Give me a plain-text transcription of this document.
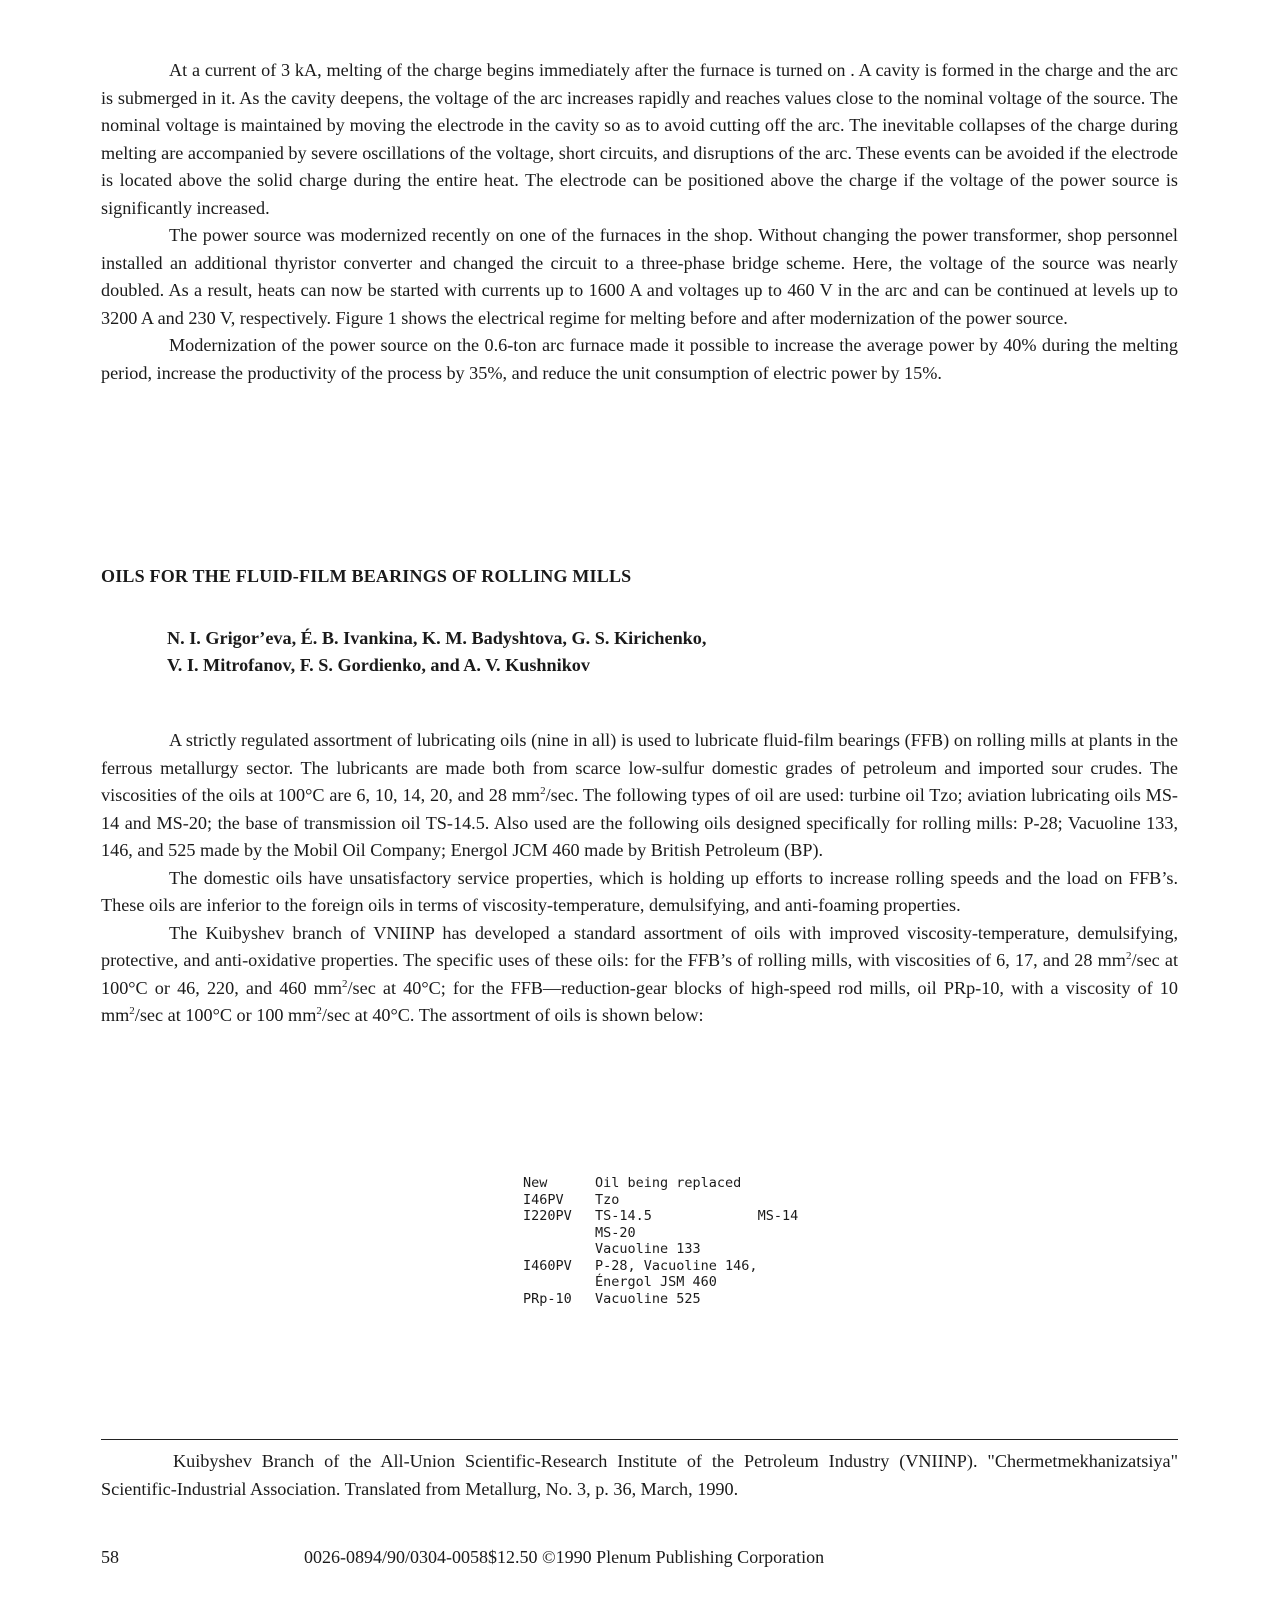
At a current of 3 kA, melting of the charge begins immediately after the furnace is turned on . A cavity is formed in the charge and the arc is submerged in it. As the cavity deepens, the voltage of the arc increases rapidly and reaches values close to the nominal voltage of the source. The nominal voltage is maintained by moving the electrode in the cavity so as to avoid cutting off the arc. The inevitable collapses of the charge during melting are accompanied by severe oscillations of the voltage, short circuits, and disruptions of the arc. These events can be avoided if the electrode is located above the solid charge during the entire heat. The electrode can be positioned above the charge if the voltage of the power source is significantly increased.

The power source was modernized recently on one of the furnaces in the shop. Without changing the power transformer, shop personnel installed an additional thyristor converter and changed the circuit to a three-phase bridge scheme. Here, the voltage of the source was nearly doubled. As a result, heats can now be started with currents up to 1600 A and voltages up to 460 V in the arc and can be continued at levels up to 3200 A and 230 V, respectively. Figure 1 shows the electrical regime for melting before and after modernization of the power source.

Modernization of the power source on the 0.6-ton arc furnace made it possible to increase the average power by 40% during the melting period, increase the productivity of the process by 35%, and reduce the unit consumption of electric power by 15%.

OILS FOR THE FLUID-FILM BEARINGS OF ROLLING MILLS
N. I. Grigor’eva, É. B. Ivankina, K. M. Badyshtova, G. S. Kirichenko,
V. I. Mitrofanov, F. S. Gordienko, and A. V. Kushnikov

A strictly regulated assortment of lubricating oils (nine in all) is used to lubricate fluid-film bearings (FFB) on rolling mills at plants in the ferrous metallurgy sector. The lubricants are made both from scarce low-sulfur domestic grades of petroleum and imported sour crudes. The viscosities of the oils at 100°C are 6, 10, 14, 20, and 28 $mm^2/\sec$. The following types of oil are used: turbine oil Tzo; aviation lubricating oils MS-14 and MS-20; the base of transmission oil TS-14.5. Also used are the following oils designed specifically for rolling mills: P-28; Vacuoline 133, 146, and 525 made by the Mobil Oil Company; Energol JCM 460 made by British Petroleum (BP).

The domestic oils have unsatisfactory service properties, which is holding up efforts to increase rolling speeds and the load on FFB’s. These oils are inferior to the foreign oils in terms of viscosity-temperature, demulsifying, and anti-foaming properties.

The Kuibyshev branch of VNIINP has developed a standard assortment of oils with improved viscosity-temperature, demulsifying, protective, and anti-oxidative properties. The specific uses of these oils: for the FFB’s of rolling mills, with viscosities of 6, 17, and 28 $mm^2/\sec$ at 100°C or 46, 220, and 460 $mm^2/\sec$ at 40°C; for the FFB—reduction-gear blocks of high-speed rod mills, oil PRp-10, with a viscosity of 10 $mm^2/\sec$ at 100°C or 100 $mm^2/\sec$ at 40°C. The assortment of oils is shown below:

New	Oil being replaced	
I46PV	Tzo	
I220PV	TS-14.5	MS-14
	MS-20	
	Vacuoline 133	
I460PV	P-28, Vacuoline 146,	
	Énergol JSM 460	
PRp-10	Vacuoline 525	

Kuibyshev Branch of the All-Union Scientific-Research Institute of the Petroleum Industry (VNIINP). "Chermetmekhanizatsiya" Scientific-Industrial Association. Translated from Metallurg, No. 3, p. 36, March, 1990.

58	0026-0894/90/0304-0058$12.50 ©1990 Plenum Publishing Corporation
